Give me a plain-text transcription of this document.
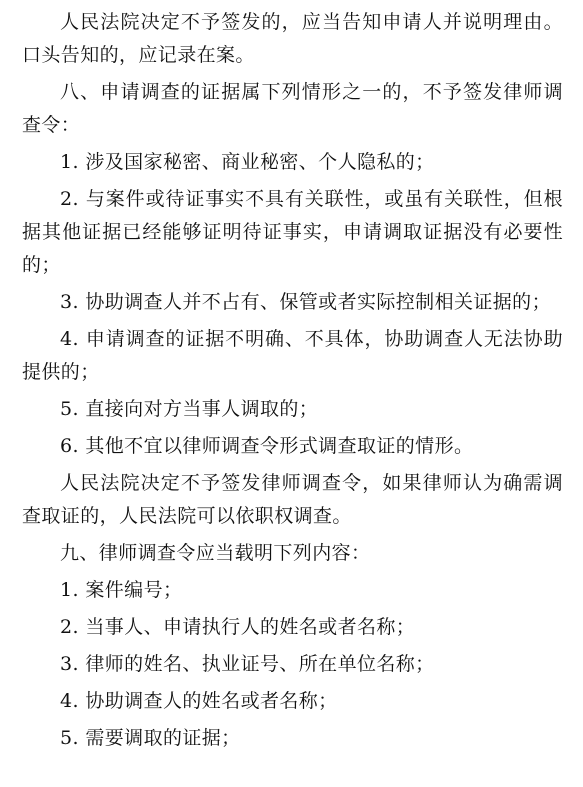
人民法院决定不予签发的，应当告知申请人并说明理由。口头告知的，应记录在案。

八、申请调查的证据属下列情形之一的，不予签发律师调查令：

1. 涉及国家秘密、商业秘密、个人隐私的；

2. 与案件或待证事实不具有关联性，或虽有关联性，但根据其他证据已经能够证明待证事实，申请调取证据没有必要性的；

3. 协助调查人并不占有、保管或者实际控制相关证据的；

4. 申请调查的证据不明确、不具体，协助调查人无法协助提供的；

5. 直接向对方当事人调取的；

6. 其他不宜以律师调查令形式调查取证的情形。

人民法院决定不予签发律师调查令，如果律师认为确需调查取证的，人民法院可以依职权调查。

九、律师调查令应当载明下列内容：

1. 案件编号；

2. 当事人、申请执行人的姓名或者名称；

3. 律师的姓名、执业证号、所在单位名称；

4. 协助调查人的姓名或者名称；

5. 需要调取的证据；
